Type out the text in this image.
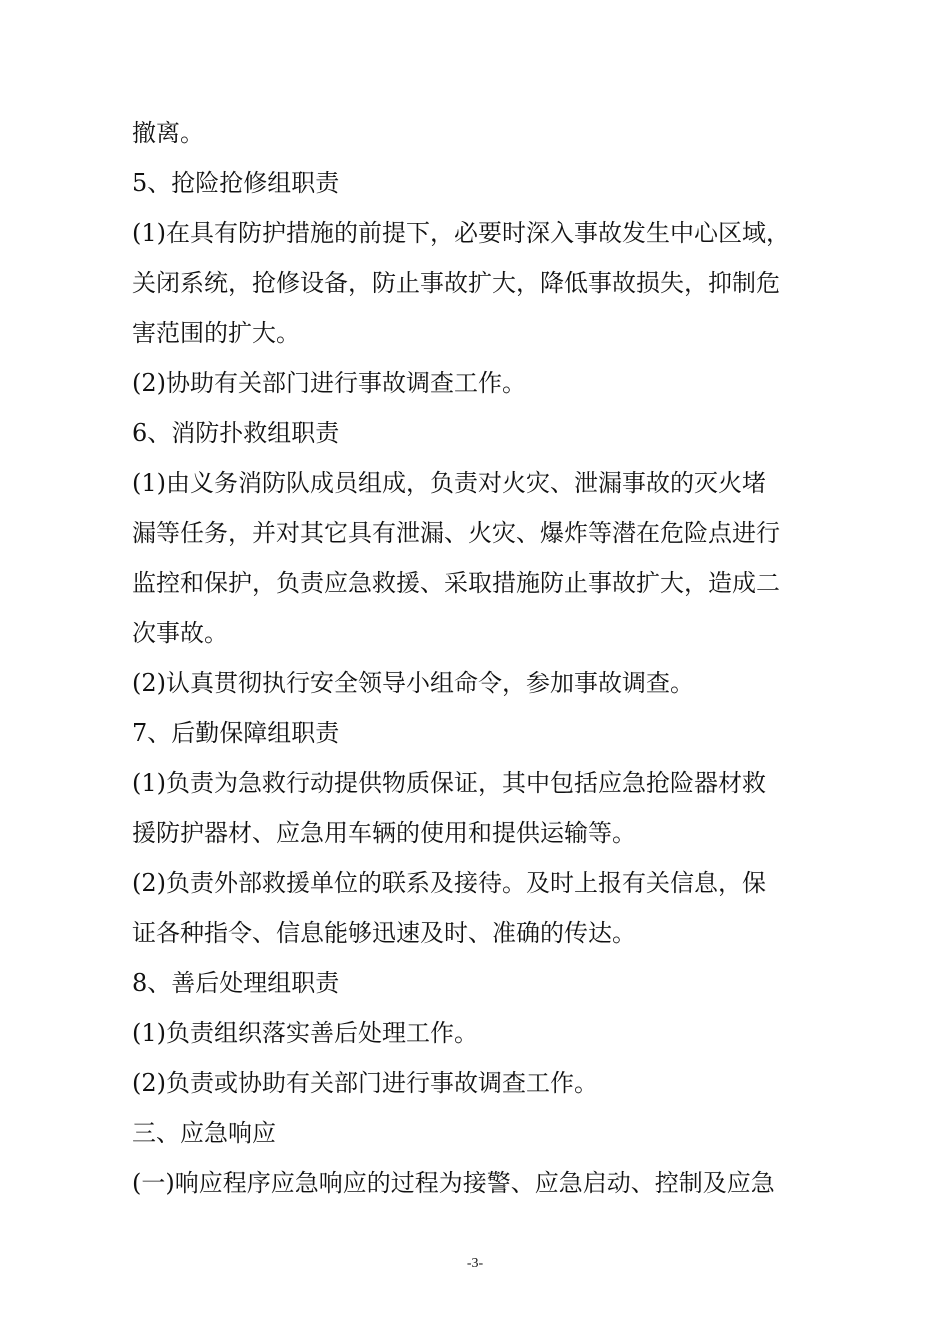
撤离。

5、抢险抢修组职责

(1)在具有防护措施的前提下，必要时深入事故发生中心区域，

关闭系统，抢修设备，防止事故扩大，降低事故损失，抑制危

害范围的扩大。

(2)协助有关部门进行事故调查工作。

6、消防扑救组职责

(1)由义务消防队成员组成，负责对火灾、泄漏事故的灭火堵

漏等任务，并对其它具有泄漏、火灾、爆炸等潜在危险点进行

监控和保护，负责应急救援、采取措施防止事故扩大，造成二

次事故。

(2)认真贯彻执行安全领导小组命令，参加事故调查。

7、后勤保障组职责

(1)负责为急救行动提供物质保证，其中包括应急抢险器材救

援防护器材、应急用车辆的使用和提供运输等。

(2)负责外部救援单位的联系及接待。及时上报有关信息，保

证各种指令、信息能够迅速及时、准确的传达。

8、善后处理组职责

(1)负责组织落实善后处理工作。

(2)负责或协助有关部门进行事故调查工作。

三、应急响应

(一)响应程序应急响应的过程为接警、应急启动、控制及应急

-3-
